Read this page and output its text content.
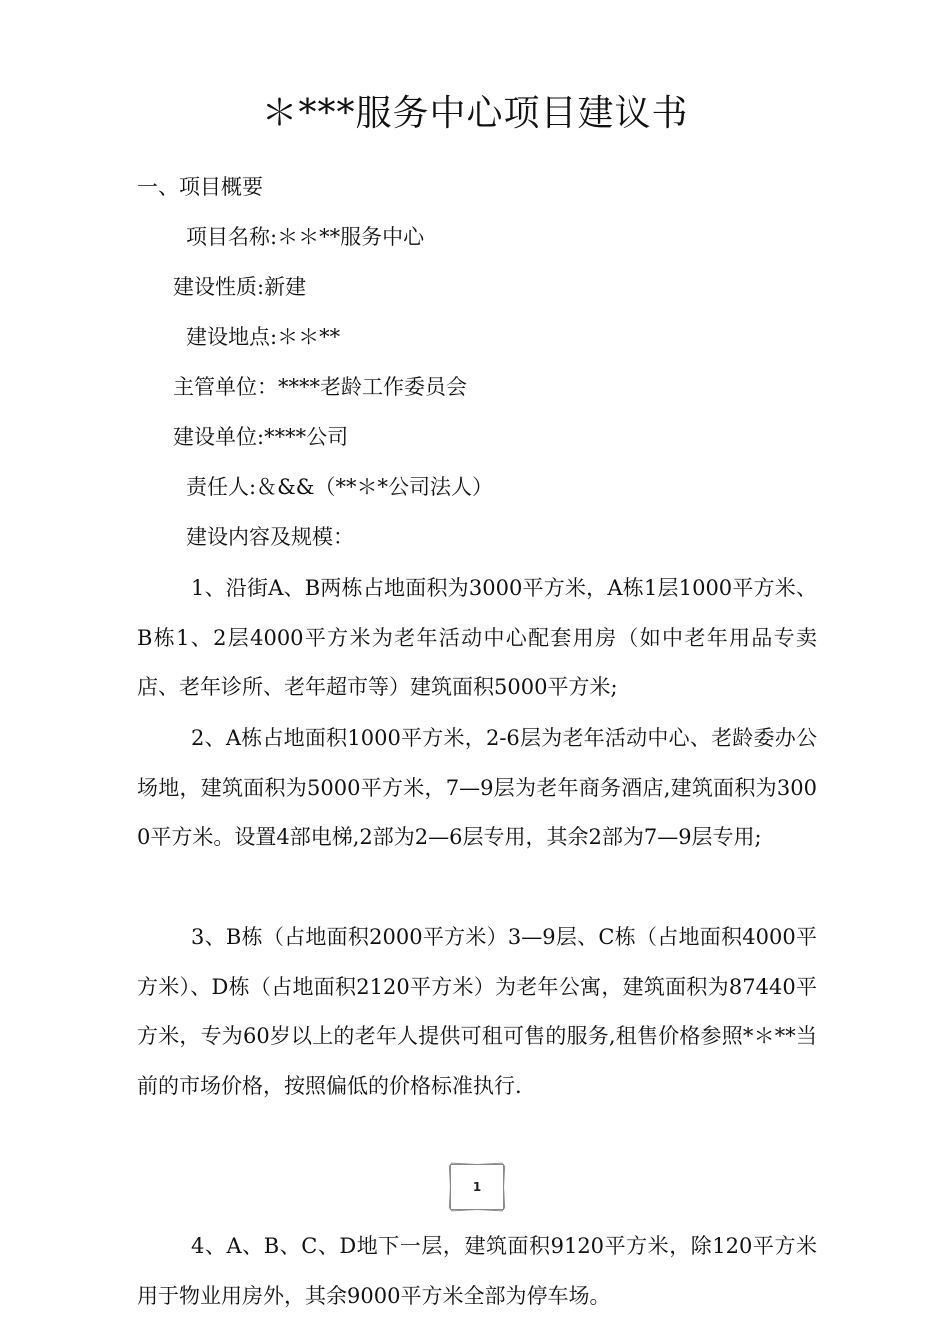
＊***服务中心项目建议书
一、项目概要
项目名称:＊＊**服务中心
建设性质:新建
建设地点:＊＊**
主管单位：****老龄工作委员会
建设单位:****公司
责任人:＆&&（**＊*公司法人）
建设内容及规模：
1、沿街A、B两栋占地面积为3000平方米，A栋1层1000平方米、B栋1、2层4000平方米为老年活动中心配套用房（如中老年用品专卖店、老年诊所、老年超市等）建筑面积5000平方米;
2、A栋占地面积1000平方米，2-6层为老年活动中心、老龄委办公场地，建筑面积为5000平方米，7—9层为老年商务酒店,建筑面积为3000平方米。设置4部电梯,2部为2—6层专用，其余2部为7—9层专用;
3、B栋（占地面积2000平方米）3—9层、C栋（占地面积4000平方米）、D栋（占地面积2120平方米）为老年公寓，建筑面积为87440平方米，专为60岁以上的老年人提供可租可售的服务,租售价格参照*＊**当前的市场价格，按照偏低的价格标准执行.
1
4、A、B、C、D地下一层，建筑面积9120平方米，除120平方米用于物业用房外，其余9000平方米全部为停车场。
